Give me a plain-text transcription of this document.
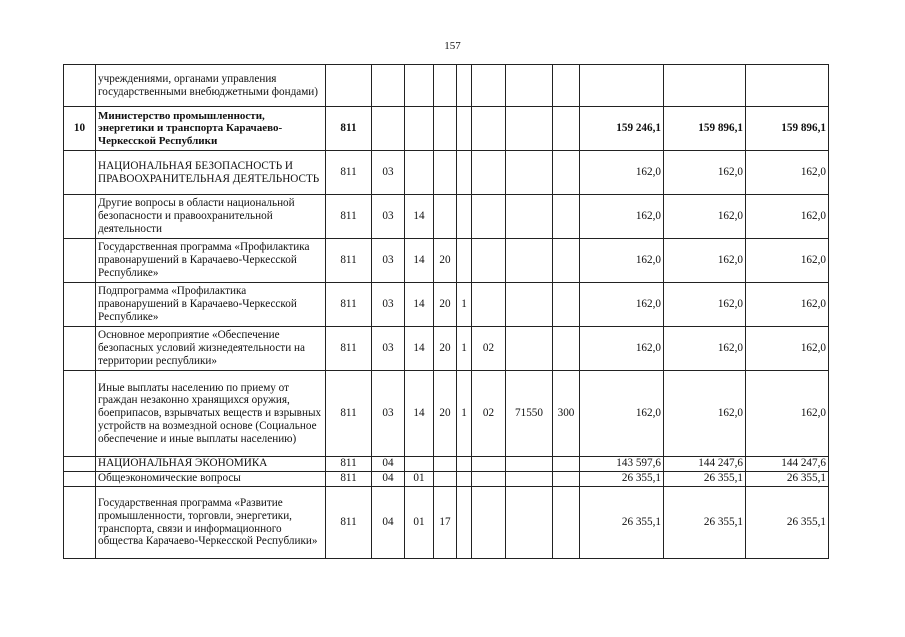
157
	учреждениями, органами управления государственными внебюджетными фондами)											
10	Министерство промышленности, энергетики и транспорта Карачаево-Черкесской Республики	811								159 246,1	159 896,1	159 896,1
	НАЦИОНАЛЬНАЯ БЕЗОПАСНОСТЬ И ПРАВООХРАНИТЕЛЬНАЯ ДЕЯТЕЛЬНОСТЬ	811	03							162,0	162,0	162,0
	Другие вопросы в области национальной безопасности и правоохранительной деятельности	811	03	14						162,0	162,0	162,0
	Государственная программа «Профилактика правонарушений в Карачаево-Черкесской Республике»	811	03	14	20					162,0	162,0	162,0
	Подпрограмма «Профилактика правонарушений в Карачаево-Черкесской Республике»	811	03	14	20	1				162,0	162,0	162,0
	Основное мероприятие «Обеспечение безопасных условий жизнедеятельности на территории республики»	811	03	14	20	1	02			162,0	162,0	162,0
	Иные выплаты населению по приему от граждан незаконно хранящихся оружия, боеприпасов, взрывчатых веществ и взрывных устройств на возмездной основе (Социальное обеспечение и иные выплаты населению)	811	03	14	20	1	02	71550	300	162,0	162,0	162,0
	НАЦИОНАЛЬНАЯ ЭКОНОМИКА	811	04							143 597,6	144 247,6	144 247,6
	Общеэкономические вопросы	811	04	01						26 355,1	26 355,1	26 355,1
	Государственная программа «Развитие промышленности, торговли, энергетики, транспорта, связи и информационного общества Карачаево-Черкесской Республики»	811	04	01	17					26 355,1	26 355,1	26 355,1
